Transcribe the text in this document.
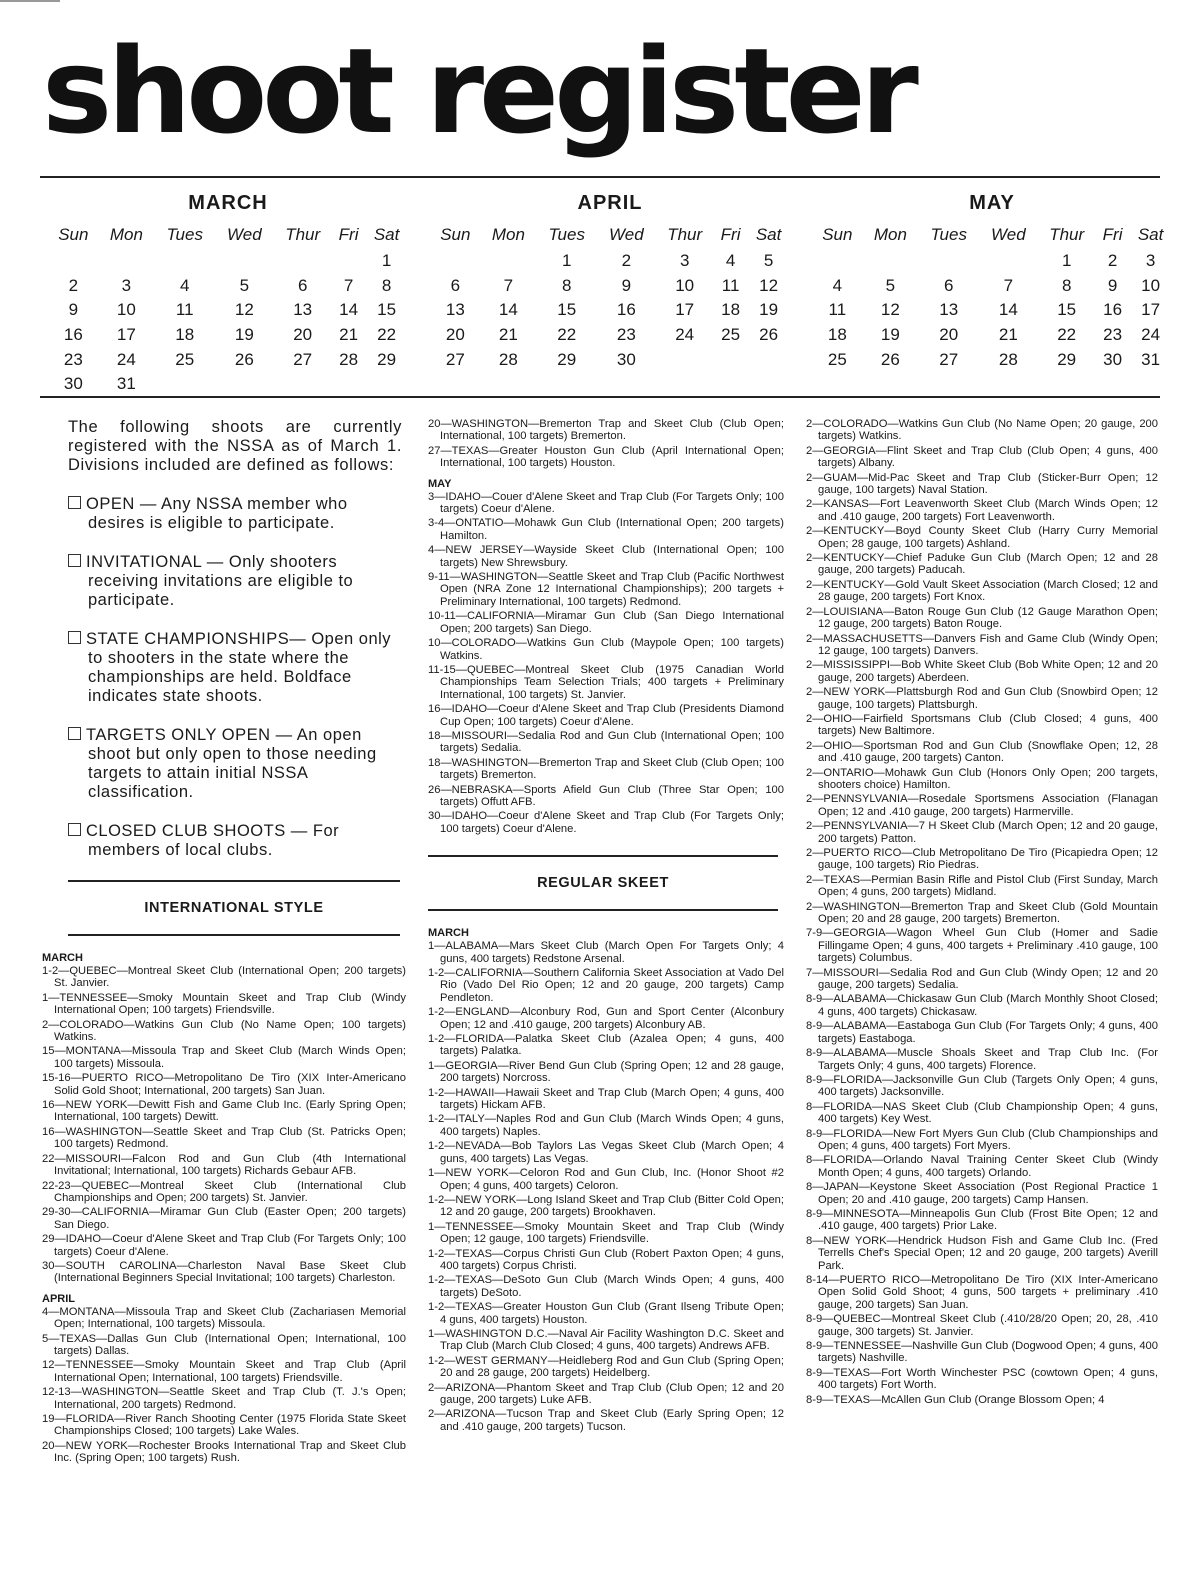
shoot register
MARCH
Sun	Mon	Tues	Wed	Thur	Fri	Sat
						1
2	3	4	5	6	7	8
9	10	11	12	13	14	15
16	17	18	19	20	21	22
23	24	25	26	27	28	29
30	31					
APRIL
Sun	Mon	Tues	Wed	Thur	Fri	Sat
		1	2	3	4	5
6	7	8	9	10	11	12
13	14	15	16	17	18	19
20	21	22	23	24	25	26
27	28	29	30			
MAY
Sun	Mon	Tues	Wed	Thur	Fri	Sat
				1	2	3
4	5	6	7	8	9	10
11	12	13	14	15	16	17
18	19	20	21	22	23	24
25	26	27	28	29	30	31

The following shoots are currently registered with the NSSA as of March 1. Divisions included are defined as follows:

OPEN — Any NSSA member who desires is eligible to participate.

INVITATIONAL — Only shooters receiving invitations are eligible to participate.

STATE CHAMPIONSHIPS— Open only to shooters in the state where the championships are held. Boldface indicates state shoots.

TARGETS ONLY OPEN — An open shoot but only open to those needing targets to attain initial NSSA classification.

CLOSED CLUB SHOOTS — For members of local clubs.

INTERNATIONAL STYLE
MARCH

1-2—QUEBEC—Montreal Skeet Club (International Open; 200 targets) St. Janvier.

1—TENNESSEE—Smoky Mountain Skeet and Trap Club (Windy International Open; 100 targets) Friendsville.

2—COLORADO—Watkins Gun Club (No Name Open; 100 targets) Watkins.

15—MONTANA—Missoula Trap and Skeet Club (March Winds Open; 100 targets) Missoula.

15-16—PUERTO RICO—Metropolitano De Tiro (XIX Inter-Americano Solid Gold Shoot; International, 200 targets) San Juan.

16—NEW YORK—Dewitt Fish and Game Club Inc. (Early Spring Open; International, 100 targets) Dewitt.

16—WASHINGTON—Seattle Skeet and Trap Club (St. Patricks Open; 100 targets) Redmond.

22—MISSOURI—Falcon Rod and Gun Club (4th International Invitational; International, 100 targets) Richards Gebaur AFB.

22-23—QUEBEC—Montreal Skeet Club (International Club Championships and Open; 200 targets) St. Janvier.

29-30—CALIFORNIA—Miramar Gun Club (Easter Open; 200 targets) San Diego.

29—IDAHO—Coeur d'Alene Skeet and Trap Club (For Targets Only; 100 targets) Coeur d'Alene.

30—SOUTH CAROLINA—Charleston Naval Base Skeet Club (International Beginners Special Invitational; 100 targets) Charleston.

APRIL

4—MONTANA—Missoula Trap and Skeet Club (Zachariasen Memorial Open; International, 100 targets) Missoula.

5—TEXAS—Dallas Gun Club (International Open; International, 100 targets) Dallas.

12—TENNESSEE—Smoky Mountain Skeet and Trap Club (April International Open; International, 100 targets) Friendsville.

12-13—WASHINGTON—Seattle Skeet and Trap Club (T. J.'s Open; International, 200 targets) Redmond.

19—FLORIDA—River Ranch Shooting Center (1975 Florida State Skeet Championships Closed; 100 targets) Lake Wales.

20—NEW YORK—Rochester Brooks International Trap and Skeet Club Inc. (Spring Open; 100 targets) Rush.

20—WASHINGTON—Bremerton Trap and Skeet Club (Club Open; International, 100 targets) Bremerton.

27—TEXAS—Greater Houston Gun Club (April International Open; International, 100 targets) Houston.

MAY

3—IDAHO—Couer d'Alene Skeet and Trap Club (For Targets Only; 100 targets) Coeur d'Alene.

3-4—ONTATIO—Mohawk Gun Club (International Open; 200 targets) Hamilton.

4—NEW JERSEY—Wayside Skeet Club (International Open; 100 targets) New Shrewsbury.

9-11—WASHINGTON—Seattle Skeet and Trap Club (Pacific Northwest Open (NRA Zone 12 International Championships); 200 targets + Preliminary International, 100 targets) Redmond.

10-11—CALIFORNIA—Miramar Gun Club (San Diego International Open; 200 targets) San Diego.

10—COLORADO—Watkins Gun Club (Maypole Open; 100 targets) Watkins.

11-15—QUEBEC—Montreal Skeet Club (1975 Canadian World Championships Team Selection Trials; 400 targets + Preliminary International, 100 targets) St. Janvier.

16—IDAHO—Coeur d'Alene Skeet and Trap Club (Presidents Diamond Cup Open; 100 targets) Coeur d'Alene.

18—MISSOURI—Sedalia Rod and Gun Club (International Open; 100 targets) Sedalia.

18—WASHINGTON—Bremerton Trap and Skeet Club (Club Open; 100 targets) Bremerton.

26—NEBRASKA—Sports Afield Gun Club (Three Star Open; 100 targets) Offutt AFB.

30—IDAHO—Coeur d'Alene Skeet and Trap Club (For Targets Only; 100 targets) Coeur d'Alene.

REGULAR SKEET
MARCH

1—ALABAMA—Mars Skeet Club (March Open For Targets Only; 4 guns, 400 targets) Redstone Arsenal.

1-2—CALIFORNIA—Southern California Skeet Association at Vado Del Rio (Vado Del Rio Open; 12 and 20 gauge, 200 targets) Camp Pendleton.

1-2—ENGLAND—Alconbury Rod, Gun and Sport Center (Alconbury Open; 12 and .410 gauge, 200 targets) Alconbury AB.

1-2—FLORIDA—Palatka Skeet Club (Azalea Open; 4 guns, 400 targets) Palatka.

1—GEORGIA—River Bend Gun Club (Spring Open; 12 and 28 gauge, 200 targets) Norcross.

1-2—HAWAII—Hawaii Skeet and Trap Club (March Open; 4 guns, 400 targets) Hickam AFB.

1-2—ITALY—Naples Rod and Gun Club (March Winds Open; 4 guns, 400 targets) Naples.

1-2—NEVADA—Bob Taylors Las Vegas Skeet Club (March Open; 4 guns, 400 targets) Las Vegas.

1—NEW YORK—Celoron Rod and Gun Club, Inc. (Honor Shoot #2 Open; 4 guns, 400 targets) Celoron.

1-2—NEW YORK—Long Island Skeet and Trap Club (Bitter Cold Open; 12 and 20 gauge, 200 targets) Brookhaven.

1—TENNESSEE—Smoky Mountain Skeet and Trap Club (Windy Open; 12 gauge, 100 targets) Friendsville.

1-2—TEXAS—Corpus Christi Gun Club (Robert Paxton Open; 4 guns, 400 targets) Corpus Christi.

1-2—TEXAS—DeSoto Gun Club (March Winds Open; 4 guns, 400 targets) DeSoto.

1-2—TEXAS—Greater Houston Gun Club (Grant Ilseng Tribute Open; 4 guns, 400 targets) Houston.

1—WASHINGTON D.C.—Naval Air Facility Washington D.C. Skeet and Trap Club (March Club Closed; 4 guns, 400 targets) Andrews AFB.

1-2—WEST GERMANY—Heidleberg Rod and Gun Club (Spring Open; 20 and 28 gauge, 200 targets) Heidelberg.

2—ARIZONA—Phantom Skeet and Trap Club (Club Open; 12 and 20 gauge, 200 targets) Luke AFB.

2—ARIZONA—Tucson Trap and Skeet Club (Early Spring Open; 12 and .410 gauge, 200 targets) Tucson.

2—COLORADO—Watkins Gun Club (No Name Open; 20 gauge, 200 targets) Watkins.

2—GEORGIA—Flint Skeet and Trap Club (Club Open; 4 guns, 400 targets) Albany.

2—GUAM—Mid-Pac Skeet and Trap Club (Sticker-Burr Open; 12 gauge, 100 targets) Naval Station.

2—KANSAS—Fort Leavenworth Skeet Club (March Winds Open; 12 and .410 gauge, 200 targets) Fort Leavenworth.

2—KENTUCKY—Boyd County Skeet Club (Harry Curry Memorial Open; 28 gauge, 100 targets) Ashland.

2—KENTUCKY—Chief Paduke Gun Club (March Open; 12 and 28 gauge, 200 targets) Paducah.

2—KENTUCKY—Gold Vault Skeet Association (March Closed; 12 and 28 gauge, 200 targets) Fort Knox.

2—LOUISIANA—Baton Rouge Gun Club (12 Gauge Marathon Open; 12 gauge, 200 targets) Baton Rouge.

2—MASSACHUSETTS—Danvers Fish and Game Club (Windy Open; 12 gauge, 100 targets) Danvers.

2—MISSISSIPPI—Bob White Skeet Club (Bob White Open; 12 and 20 gauge, 200 targets) Aberdeen.

2—NEW YORK—Plattsburgh Rod and Gun Club (Snowbird Open; 12 gauge, 100 targets) Plattsburgh.

2—OHIO—Fairfield Sportsmans Club (Club Closed; 4 guns, 400 targets) New Baltimore.

2—OHIO—Sportsman Rod and Gun Club (Snowflake Open; 12, 28 and .410 gauge, 200 targets) Canton.

2—ONTARIO—Mohawk Gun Club (Honors Only Open; 200 targets, shooters choice) Hamilton.

2—PENNSYLVANIA—Rosedale Sportsmens Association (Flanagan Open; 12 and .410 gauge, 200 targets) Harmerville.

2—PENNSYLVANIA—7 H Skeet Club (March Open; 12 and 20 gauge, 200 targets) Patton.

2—PUERTO RICO—Club Metropolitano De Tiro (Picapiedra Open; 12 gauge, 100 targets) Rio Piedras.

2—TEXAS—Permian Basin Rifle and Pistol Club (First Sunday, March Open; 4 guns, 200 targets) Midland.

2—WASHINGTON—Bremerton Trap and Skeet Club (Gold Mountain Open; 20 and 28 gauge, 200 targets) Bremerton.

7-9—GEORGIA—Wagon Wheel Gun Club (Homer and Sadie Fillingame Open; 4 guns, 400 targets + Preliminary .410 gauge, 100 targets) Columbus.

7—MISSOURI—Sedalia Rod and Gun Club (Windy Open; 12 and 20 gauge, 200 targets) Sedalia.

8-9—ALABAMA—Chickasaw Gun Club (March Monthly Shoot Closed; 4 guns, 400 targets) Chickasaw.

8-9—ALABAMA—Eastaboga Gun Club (For Targets Only; 4 guns, 400 targets) Eastaboga.

8-9—ALABAMA—Muscle Shoals Skeet and Trap Club Inc. (For Targets Only; 4 guns, 400 targets) Florence.

8-9—FLORIDA—Jacksonville Gun Club (Targets Only Open; 4 guns, 400 targets) Jacksonville.

8—FLORIDA—NAS Skeet Club (Club Championship Open; 4 guns, 400 targets) Key West.

8-9—FLORIDA—New Fort Myers Gun Club (Club Championships and Open; 4 guns, 400 targets) Fort Myers.

8—FLORIDA—Orlando Naval Training Center Skeet Club (Windy Month Open; 4 guns, 400 targets) Orlando.

8—JAPAN—Keystone Skeet Association (Post Regional Practice 1 Open; 20 and .410 gauge, 200 targets) Camp Hansen.

8-9—MINNESOTA—Minneapolis Gun Club (Frost Bite Open; 12 and .410 gauge, 400 targets) Prior Lake.

8—NEW YORK—Hendrick Hudson Fish and Game Club Inc. (Fred Terrells Chef's Special Open; 12 and 20 gauge, 200 targets) Averill Park.

8-14—PUERTO RICO—Metropolitano De Tiro (XIX Inter-Americano Open Solid Gold Shoot; 4 guns, 500 targets + preliminary .410 gauge, 200 targets) San Juan.

8-9—QUEBEC—Montreal Skeet Club (.410/28/20 Open; 20, 28, .410 gauge, 300 targets) St. Janvier.

8-9—TENNESSEE—Nashville Gun Club (Dogwood Open; 4 guns, 400 targets) Nashville.

8-9—TEXAS—Fort Worth Winchester PSC (cowtown Open; 4 guns, 400 targets) Fort Worth.

8-9—TEXAS—McAllen Gun Club (Orange Blossom Open; 4
